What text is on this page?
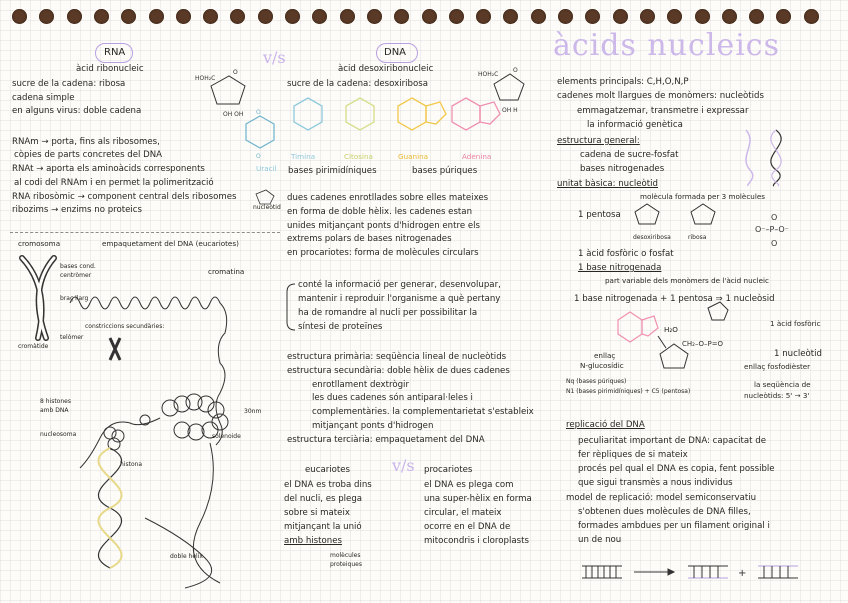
àcids nucleics
v/s
v/s
RNA
àcid ribonucleic
sucre de la cadena: ribosa
cadena simple
en alguns virus: doble cadena
RNAm → porta, fins als ribosomes,
còpies de parts concretes del DNA
RNAt → aporta els aminoàcids corresponents
al codi del RNAm i en permet la polimerització
RNA ribosòmic → component central dels ribosomes
ribozims → enzims no proteics
Uracil
HOH₂C
O
OH OH O
O
DNA
àcid desoxiribonucleic
sucre de la cadena: desoxiribosa
HOH₂C
O
OH H
Timina	Citosina	Guanina	Adenina
bases pirimidíniques	bases púriques
nucleòtid
dues cadenes enrotllades sobre elles mateixes
en forma de doble hèlix. les cadenes estan
unides mitjançant ponts d'hidrogen entre els
extrems polars de bases nitrogenades
en procariotes: forma de molècules circulars
conté la informació per generar, desenvolupar,
mantenir i reproduir l'organisme a què pertany
ha de romandre al nucli per possibilitar la
síntesi de proteïnes
estructura primària: seqüència lineal de nucleòtids
estructura secundària: doble hèlix de dues cadenes
enrotllament dextrògir
les dues cadenes són antiparal·leles i
complementàries. la complementarietat s'estableix
mitjançant ponts d'hidrogen
estructura terciària: empaquetament del DNA
eucariotes	procariotes
el DNA es troba dins
del nucli, es plega
sobre si mateix
mitjançant la unió
amb histones
molècules
proteiques
el DNA es plega com
una super-hèlix en forma
circular, el mateix
ocorre en el DNA de
mitocondris i cloroplasts
cromosoma	empaquetament del DNA (eucariotes)
cromatina
bases cond.
centròmer
braç llarg
cromàtide
telòmer
constriccions secundàries:
8 histones
amb DNA
nucleosoma
histona
solenoide
30nm
doble hèlix
elements principals: C,H,O,N,P
cadenes molt llargues de monòmers: nucleòtids
emmagatzemar, transmetre i expressar
la informació genètica
estructura general:
cadena de sucre-fosfat
bases nitrogenades
unitat bàsica: nucleòtid
molècula formada per 3 molècules
1 pentosa
desoxiribosa	ribosa
1 àcid fosfòric o fosfat
1 base nitrogenada
part variable dels monòmers de l'àcid nucleic
1 base nitrogenada + 1 pentosa ⇒ 1 nucleòsid
1 àcid fosfòric
1 nucleòtid
enllaç
N-glucosídic	enllaç fosfodièster
H₂O
Nq (bases púriques)
N1 (bases pirimidíniques) + C5 (pentosa)
la seqüència de
nucleòtids: 5' → 3'
O⁻–P–O⁻
O
O
CH₂–O–P=O
replicació del DNA
peculiaritat important de DNA: capacitat de
fer rèpliques de si mateix
procés pel qual el DNA es copia, fent possible
que sigui transmès a nous individus
model de replicació: model semiconservatiu
s'obtenen dues molècules de DNA filles,
formades ambdues per un filament original i
un de nou
+
